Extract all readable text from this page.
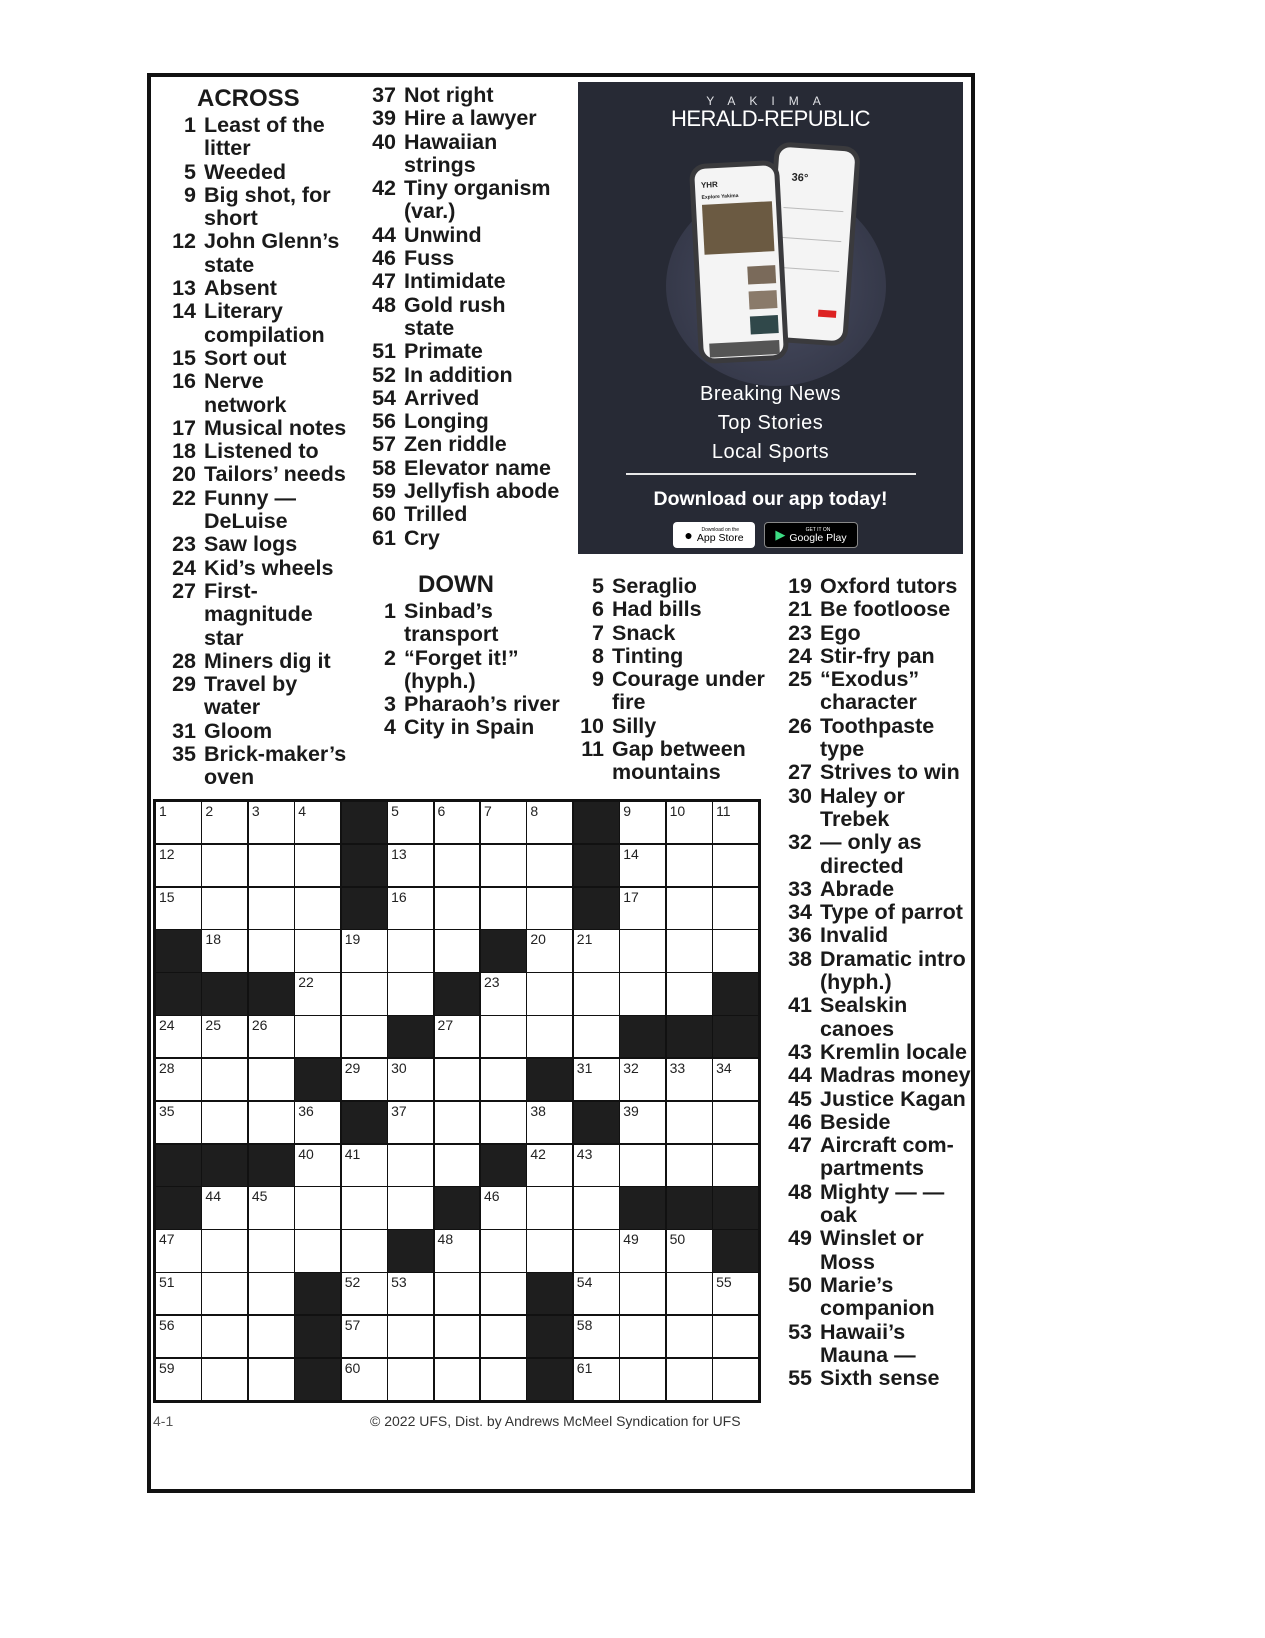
ACROSS
1 Least of the litter
5 Weeded
9 Big shot, for short
12 John Glenn’s state
13 Absent
14 Literary compilation
15 Sort out
16 Nerve network
17 Musical notes
18 Listened to
20 Tailors’ needs
22 Funny — DeLuise
23 Saw logs
24 Kid’s wheels
27 First-magnitude star
28 Miners dig it
29 Travel by water
31 Gloom
35 Brick-maker’s oven
37 Not right
39 Hire a lawyer
40 Hawaiian strings
42 Tiny organism (var.)
44 Unwind
46 Fuss
47 Intimidate
48 Gold rush state
51 Primate
52 In addition
54 Arrived
56 Longing
57 Zen riddle
58 Elevator name
59 Jellyfish abode
60 Trilled
61 Cry
DOWN
1 Sinbad’s transport
2 “Forget it!” (hyph.)
3 Pharaoh’s river
4 City in Spain
5 Seraglio
6 Had bills
7 Snack
8 Tinting
9 Courage under fire
10 Silly
11 Gap between mountains
19 Oxford tutors
21 Be footloose
23 Ego
24 Stir-fry pan
25 “Exodus” character
26 Toothpaste type
27 Strives to win
30 Haley or Trebek
32 — only as directed
33 Abrade
34 Type of parrot
36 Invalid
38 Dramatic intro (hyph.)
41 Sealskin canoes
43 Kremlin locale
44 Madras money
45 Justice Kagan
46 Beside
47 Aircraft com-partments
48 Mighty — — oak
49 Winslet or Moss
50 Marie’s companion
53 Hawaii’s Mauna —
55 Sixth sense
YAKIMA
HERALD-REPUBLIC
36°
YHR
Explore Yakima
Breaking News
Top Stories
Local Sports
Download our app today!
●	Download on the
App Store ▶	GET IT ON
Google Play
1	2	3	4	5	6	7	8	9	10 11
12	13	14
15	16	17
18	19	20 21
22	23
24 25 26	27
28	29 30	31 32 33 34
35	36	37	38	39
40 41	42 43
44 45	46
47	48	49 50
51	52 53	54	55
56	57	58
59	60	61
4-1	© 2022 UFS, Dist. by Andrews McMeel Syndication for UFS
